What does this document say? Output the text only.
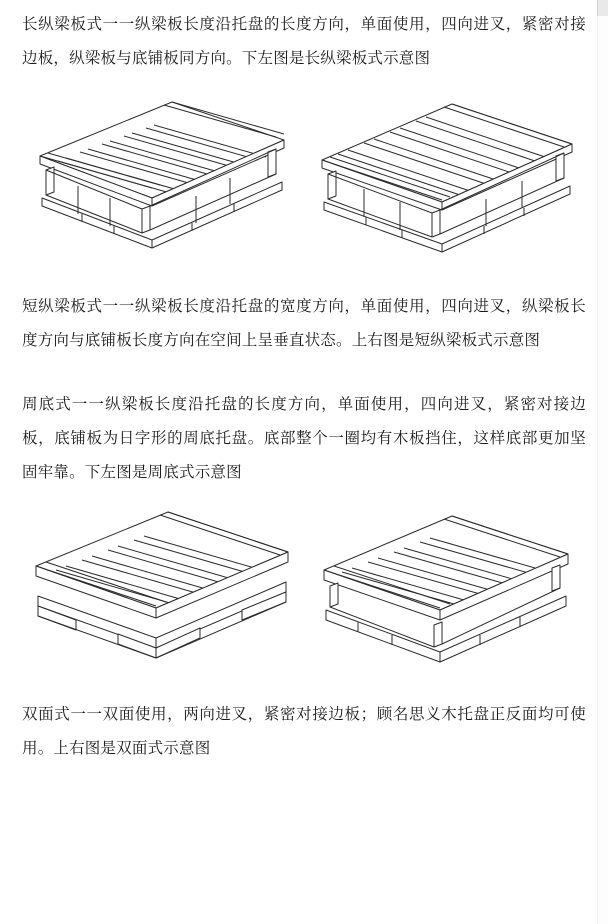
长纵梁板式一一纵梁板长度沿托盘的长度方向，单面使用，四向进叉，紧密对接边板，纵梁板与底铺板同方向。下左图是长纵梁板式示意图

短纵梁板式一一纵梁板长度沿托盘的宽度方向，单面使用，四向进叉，纵梁板长度方向与底铺板长度方向在空间上呈垂直状态。上右图是短纵梁板式示意图

周底式一一纵梁板长度沿托盘的长度方向，单面使用，四向进叉，紧密对接边板，底铺板为日字形的周底托盘。底部整个一圈均有木板挡住，这样底部更加坚固牢靠。下左图是周底式示意图

双面式一一双面使用，两向进叉，紧密对接边板；顾名思义木托盘正反面均可使用。上右图是双面式示意图
